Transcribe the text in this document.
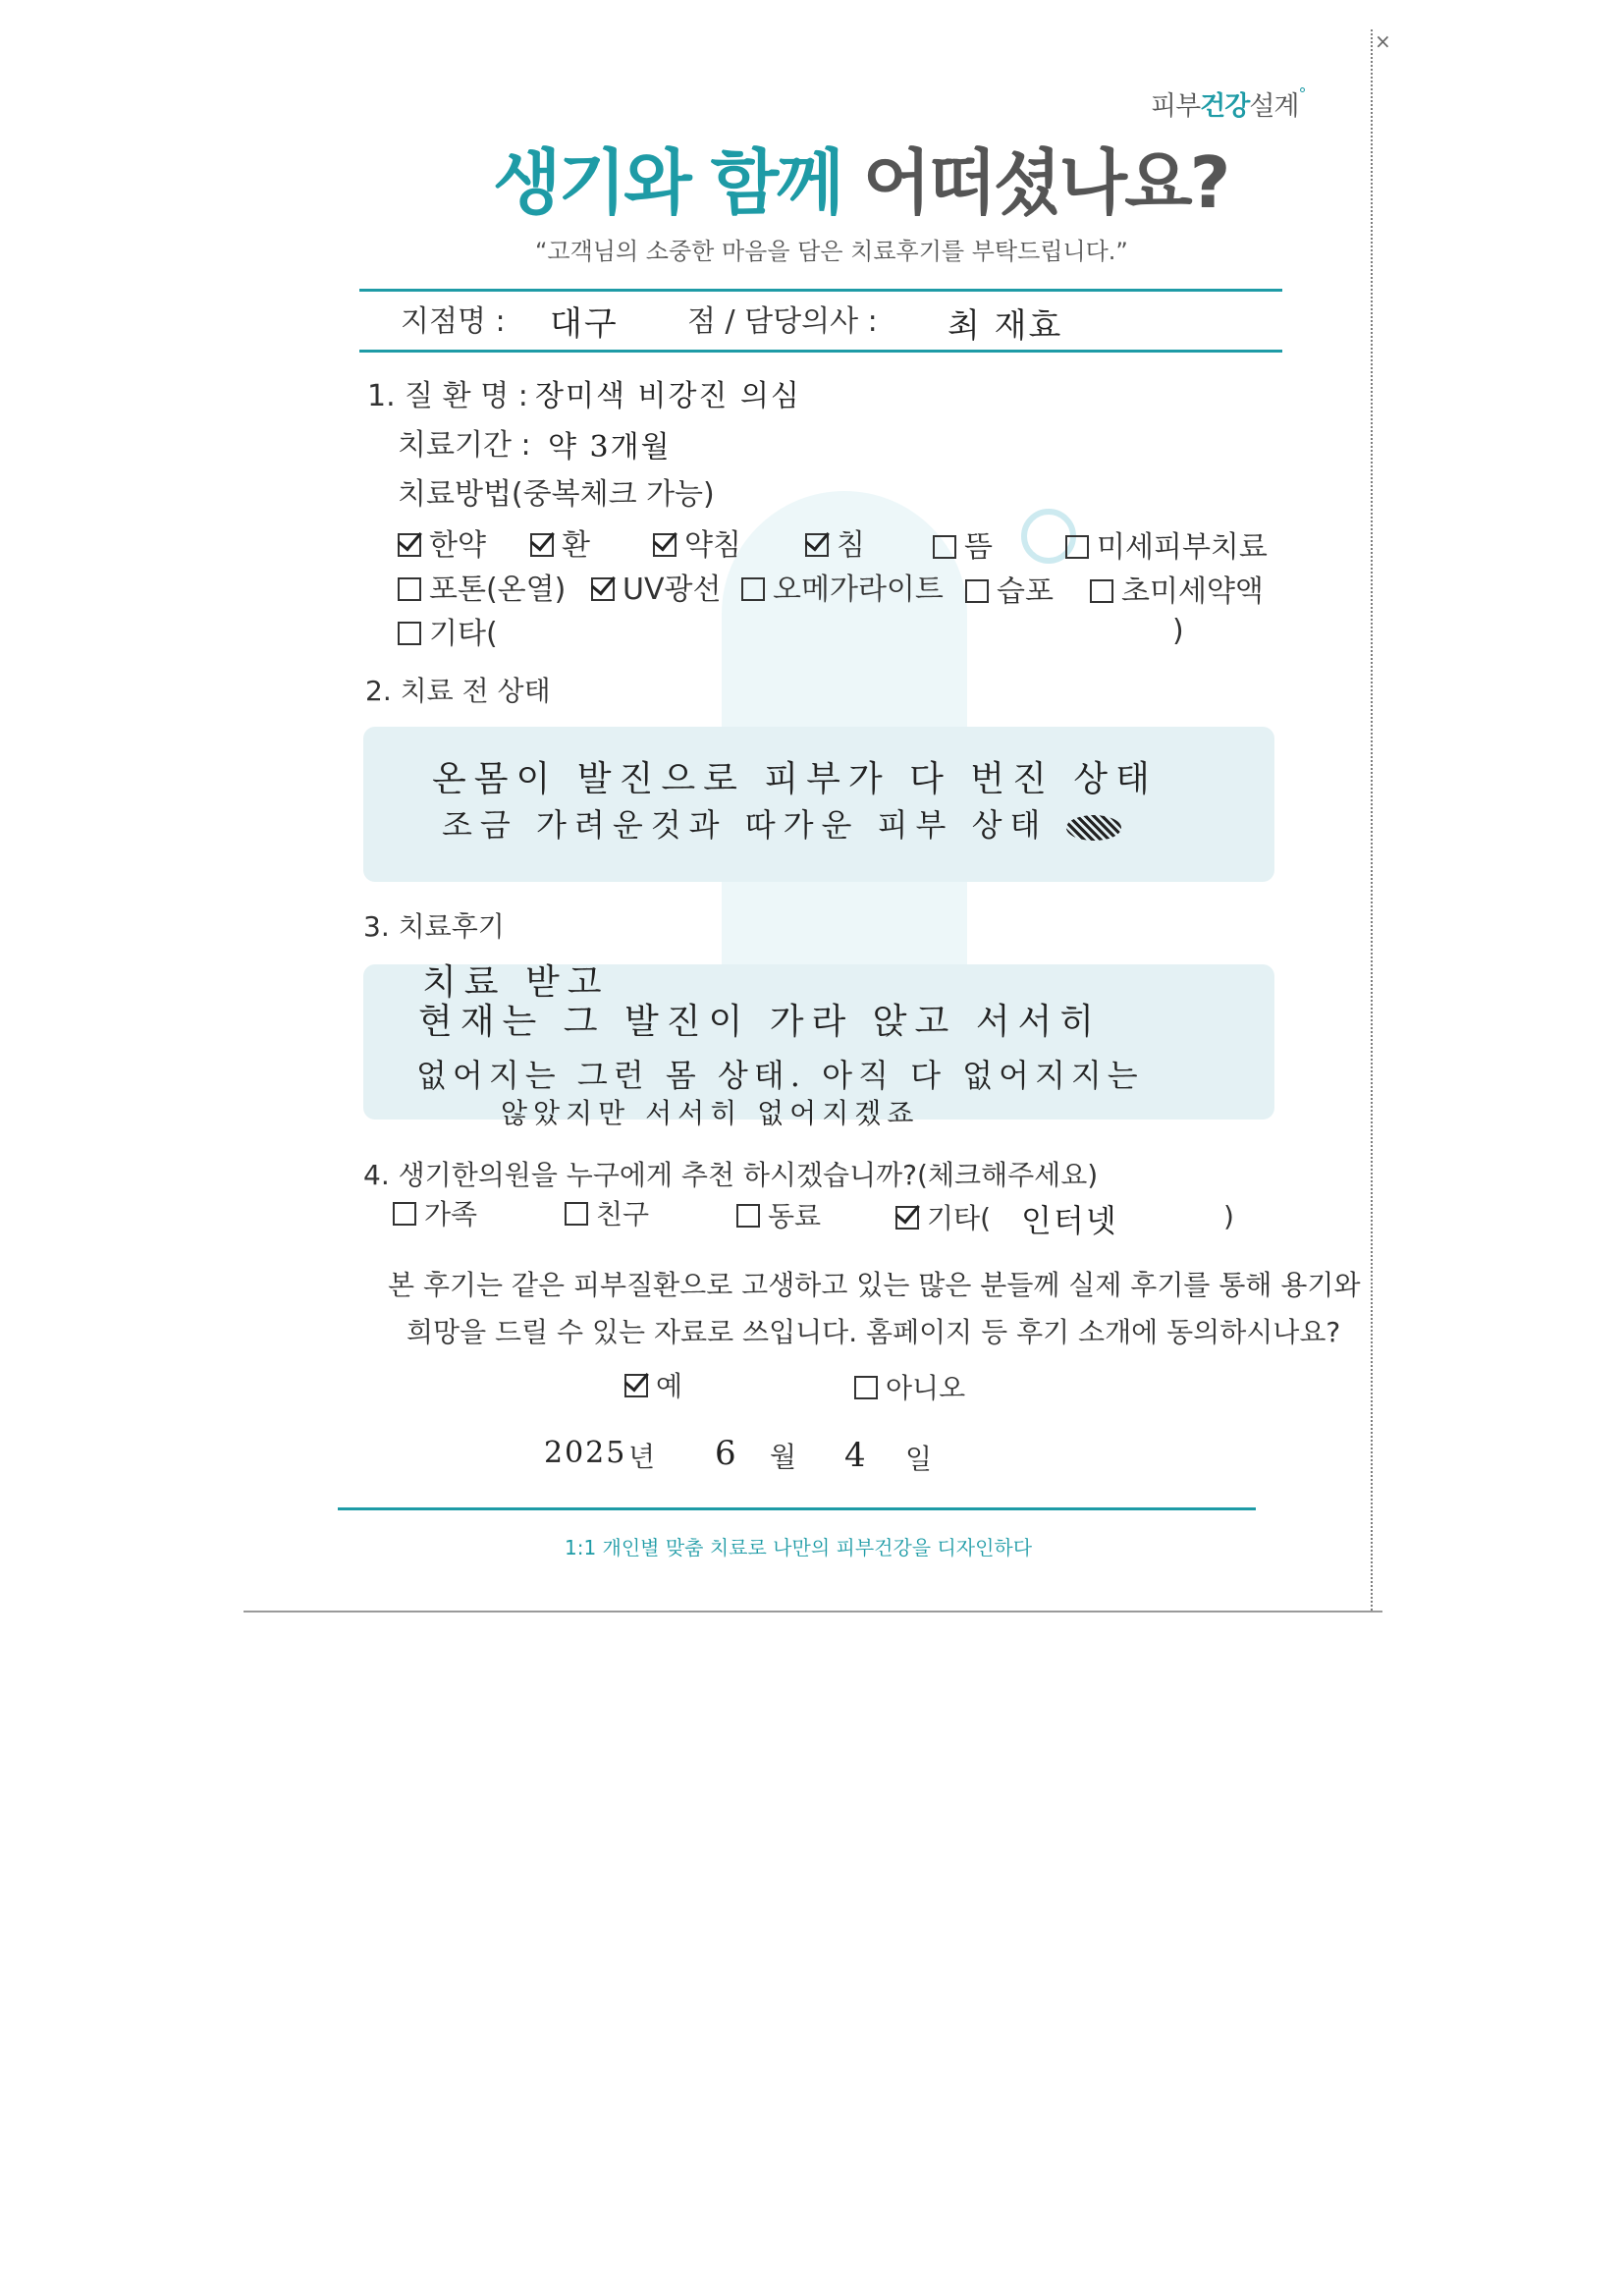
×
피부건강설계°
생기와 함께 어떠셨나요?
“고객님의 소중한 마음을 담은 치료후기를 부탁드립니다.”
지점명 : 대구 점 / 담당의사 : 최 재효
1. 질 환 명 : 장미색 비강진 의심
치료기간 : 약 3개월
치료방법(중복체크 가능)
한약	환	약침	침	뜸	미세피부치료
포톤(온열)	UV광선	오메가라이트	습포	초미세약액
기타(	)
2. 치료 전 상태
온몸이 발진으로 피부가 다 번진 상태
조금 가려운것과 따가운 피부 상태
3. 치료후기
치료 받고
현재는 그 발진이 가라 앉고 서서히
없어지는 그런 몸 상태. 아직 다 없어지지는
않았지만 서서히 없어지겠죠
4. 생기한의원을 누구에게 추천 하시겠습니까?(체크해주세요)
가족	친구	동료	기타( 인터넷	)
본 후기는 같은 피부질환으로 고생하고 있는 많은 분들께 실제 후기를 통해 용기와
희망을 드릴 수 있는 자료로 쓰입니다. 홈페이지 등 후기 소개에 동의하시나요?
예	아니오
2025 년 6 월 4 일
1:1 개인별 맞춤 치료로 나만의 피부건강을 디자인하다
